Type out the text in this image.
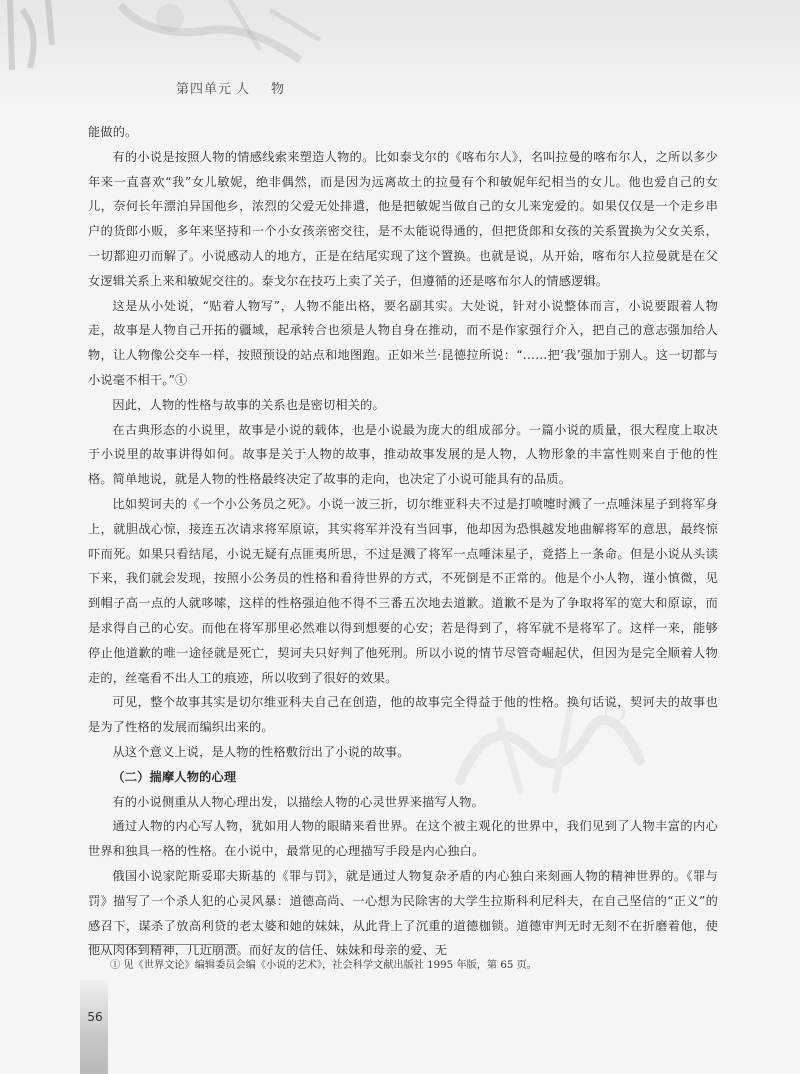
第四单元 人物

能做的。

有的小说是按照人物的情感线索来塑造人物的。比如泰戈尔的《喀布尔人》，名叫拉曼的喀布尔人，之所以多少年来一直喜欢“我”女儿敏妮，绝非偶然，而是因为远离故土的拉曼有个和敏妮年纪相当的女儿。他也爱自己的女儿，奈何长年漂泊异国他乡，浓烈的父爱无处排遣，他是把敏妮当做自己的女儿来宠爱的。如果仅仅是一个走乡串户的货郎小贩，多年来坚持和一个小女孩亲密交往，是不太能说得通的，但把货郎和女孩的关系置换为父女关系，一切都迎刃而解了。小说感动人的地方，正是在结尾实现了这个置换。也就是说，从开始，喀布尔人拉曼就是在父女逻辑关系上来和敏妮交往的。泰戈尔在技巧上卖了关子，但遵循的还是喀布尔人的情感逻辑。

这是从小处说，“贴着人物写”，人物不能出格，要名副其实。大处说，针对小说整体而言，小说要跟着人物走，故事是人物自己开拓的疆域，起承转合也须是人物自身在推动，而不是作家强行介入，把自己的意志强加给人物，让人物像公交车一样，按照预设的站点和地图跑。正如米兰·昆德拉所说：“……把‘我’强加于别人。这一切都与小说毫不相干。”①

因此，人物的性格与故事的关系也是密切相关的。

在古典形态的小说里，故事是小说的载体，也是小说最为庞大的组成部分。一篇小说的质量，很大程度上取决于小说里的故事讲得如何。故事是关于人物的故事，推动故事发展的是人物，人物形象的丰富性则来自于他的性格。简单地说，就是人物的性格最终决定了故事的走向，也决定了小说可能具有的品质。

比如契诃夫的《一个小公务员之死》。小说一波三折，切尔维亚科夫不过是打喷嚏时溅了一点唾沫星子到将军身上，就胆战心惊，接连五次请求将军原谅，其实将军并没有当回事，他却因为恐惧越发地曲解将军的意思，最终惊吓而死。如果只看结尾，小说无疑有点匪夷所思，不过是溅了将军一点唾沫星子，竟搭上一条命。但是小说从头读下来，我们就会发现，按照小公务员的性格和看待世界的方式，不死倒是不正常的。他是个小人物，谨小慎微，见到帽子高一点的人就哆嗦，这样的性格强迫他不得不三番五次地去道歉。道歉不是为了争取将军的宽大和原谅，而是求得自己的心安。而他在将军那里必然难以得到想要的心安；若是得到了，将军就不是将军了。这样一来，能够停止他道歉的唯一途径就是死亡，契诃夫只好判了他死刑。所以小说的情节尽管奇崛起伏，但因为是完全顺着人物走的，丝毫看不出人工的痕迹，所以收到了很好的效果。

可见，整个故事其实是切尔维亚科夫自己在创造，他的故事完全得益于他的性格。换句话说，契诃夫的故事也是为了性格的发展而编织出来的。

从这个意义上说，是人物的性格敷衍出了小说的故事。

（二）揣摩人物的心理

有的小说侧重从人物心理出发，以描绘人物的心灵世界来描写人物。

通过人物的内心写人物，犹如用人物的眼睛来看世界。在这个被主观化的世界中，我们见到了人物丰富的内心世界和独具一格的性格。在小说中，最常见的心理描写手段是内心独白。

俄国小说家陀斯妥耶夫斯基的《罪与罚》，就是通过人物复杂矛盾的内心独白来刻画人物的精神世界的。《罪与罚》描写了一个杀人犯的心灵风暴：道德高尚、一心想为民除害的大学生拉斯科利尼科夫，在自己坚信的“正义”的感召下，谋杀了放高利贷的老太婆和她的妹妹，从此背上了沉重的道德枷锁。道德审判无时无刻不在折磨着他，使他从肉体到精神，几近崩溃。而好友的信任、妹妹和母亲的爱、无

① 见《世界文论》编辑委员会编《小说的艺术》，社会科学文献出版社 1995 年版，第 65 页。
56
